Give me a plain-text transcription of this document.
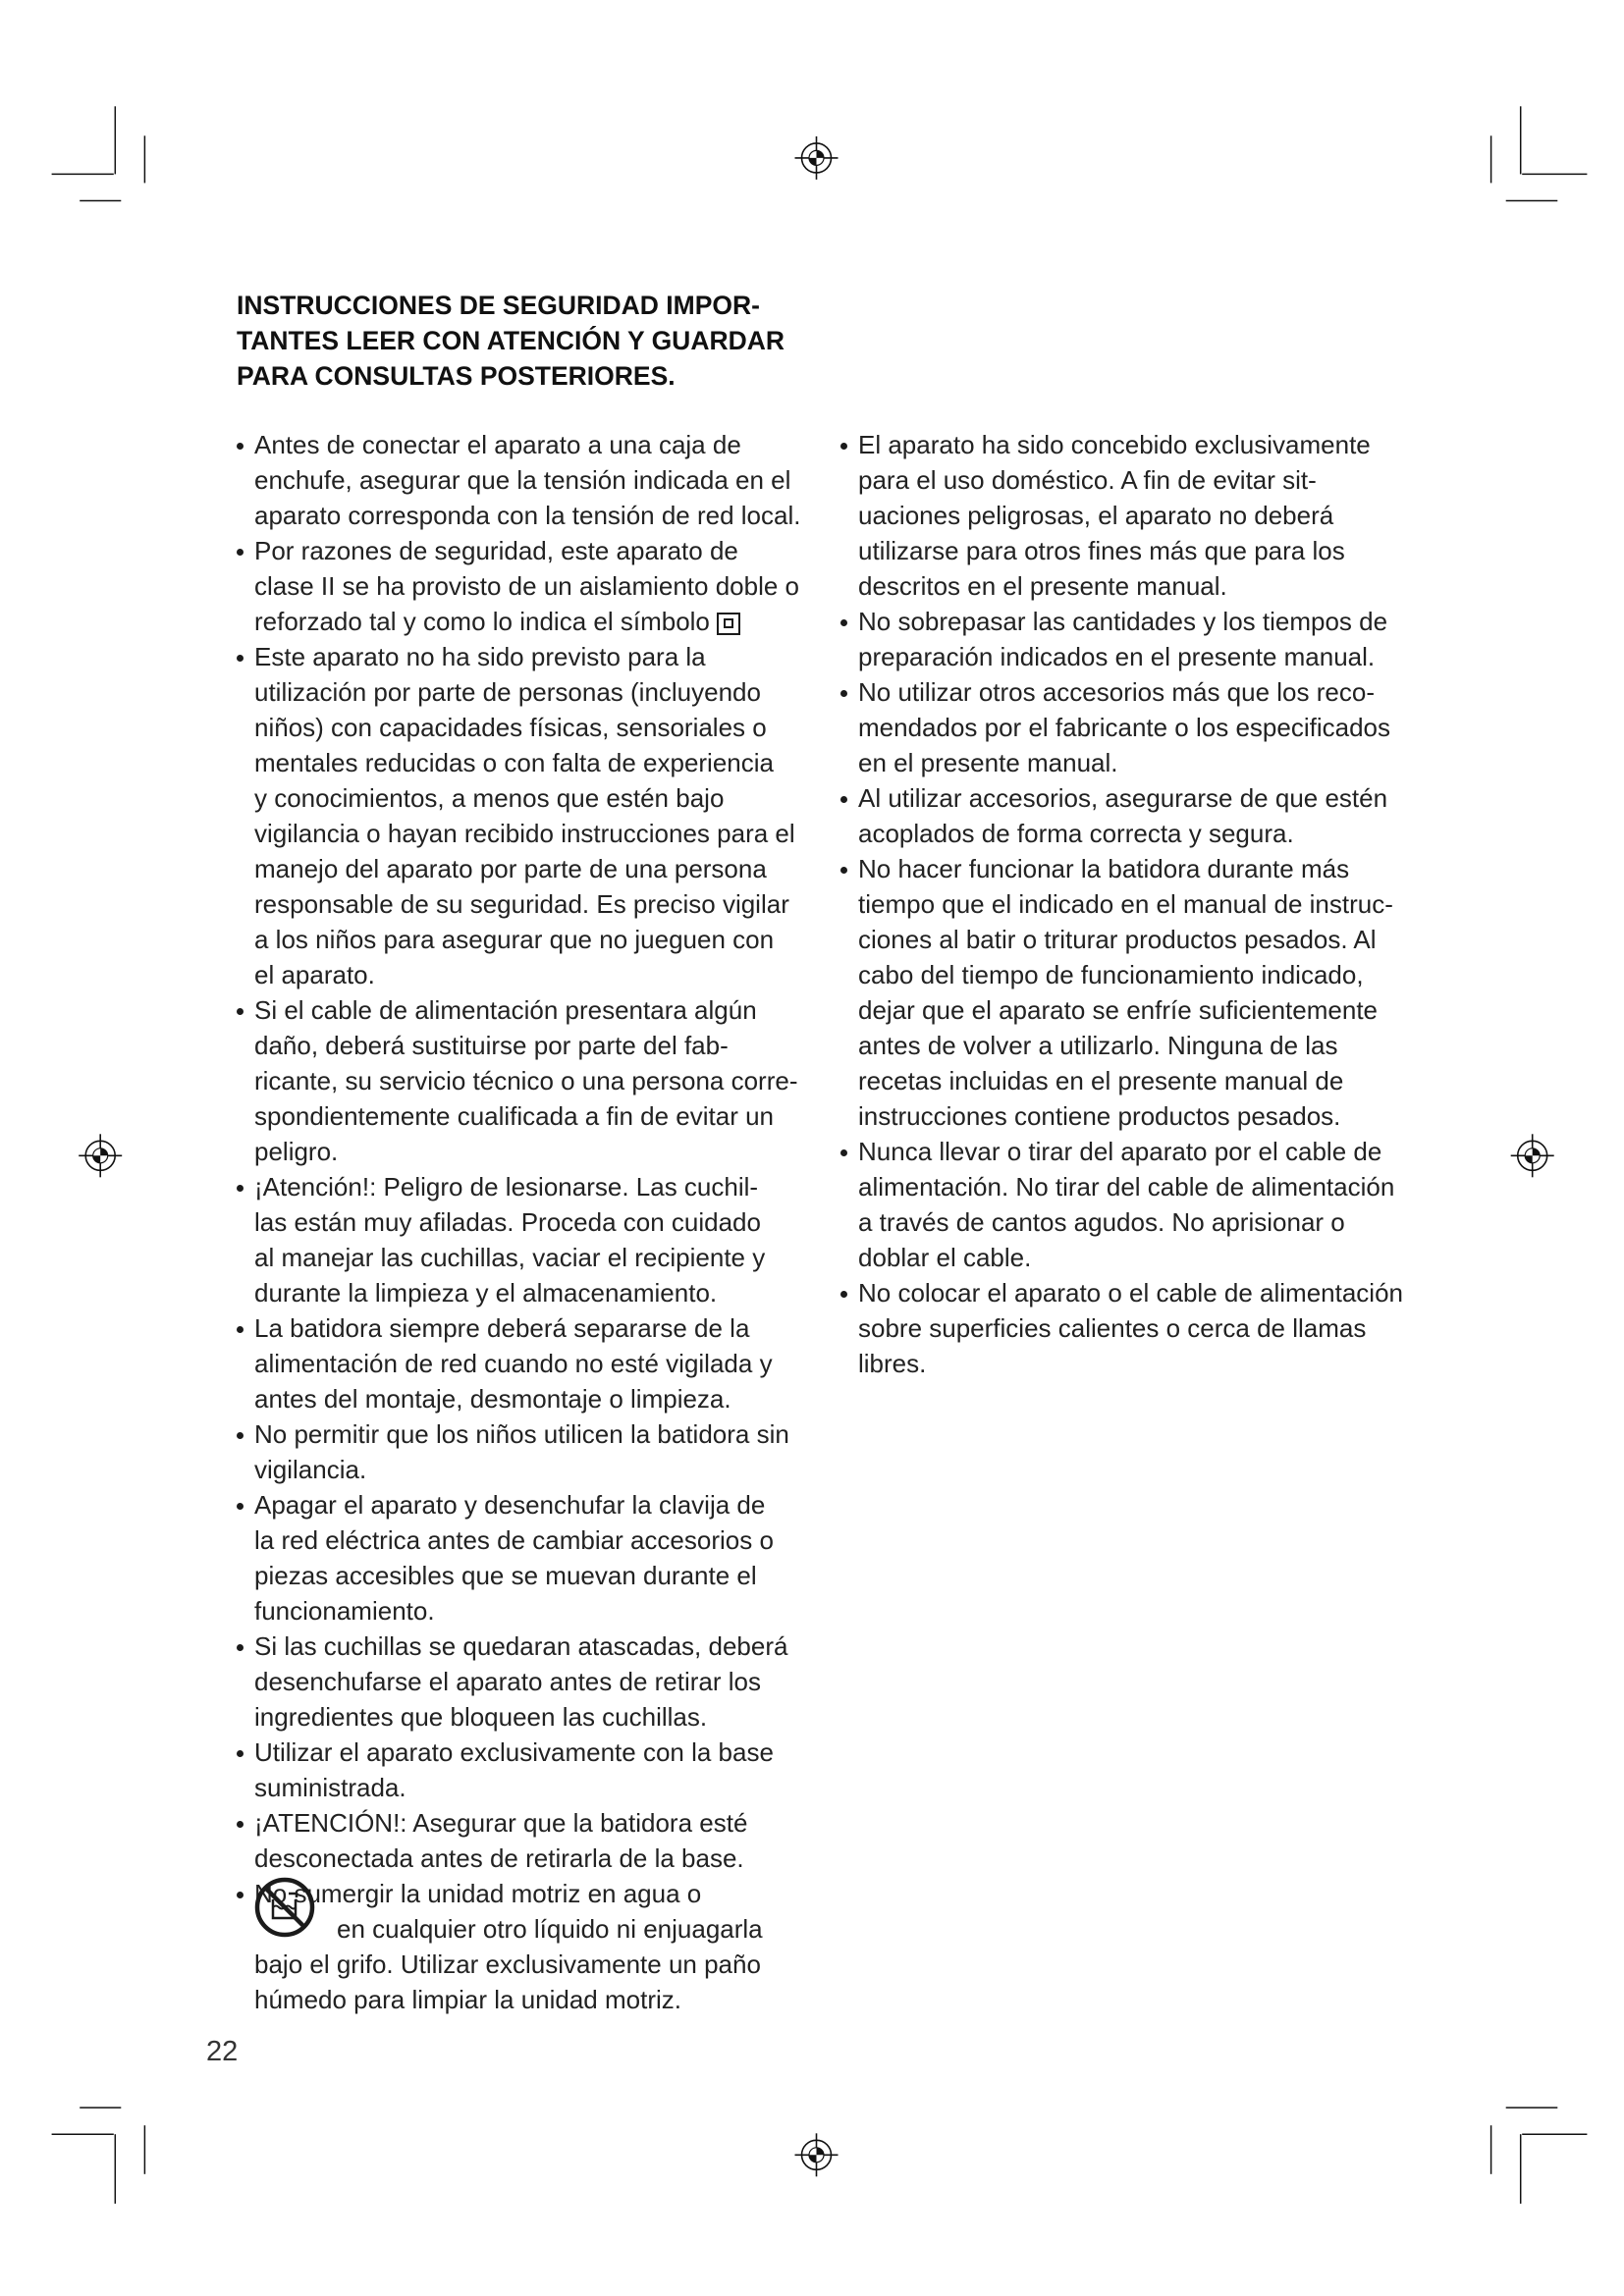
INSTRUCCIONES DE SEGURIDAD IMPOR-
TANTES LEER CON ATENCIÓN Y GUARDAR
PARA CONSULTAS POSTERIORES.
Antes de conectar el aparato a una caja de
enchufe, asegurar que la tensión indicada en el
aparato corresponda con la tensión de red local.
Por razones de seguridad, este aparato de
clase II se ha provisto de un aislamiento doble o
reforzado tal y como lo indica el símbolo
Este aparato no ha sido previsto para la
utilización por parte de personas (incluyendo
niños) con capacidades físicas, sensoriales o
mentales reducidas o con falta de experiencia
y conocimientos, a menos que estén bajo
vigilancia o hayan recibido instrucciones para el
manejo del aparato por parte de una persona
responsable de su seguridad. Es preciso vigilar
a los niños para asegurar que no jueguen con
el aparato.
Si el cable de alimentación presentara algún
daño, deberá sustituirse por parte del fab-
ricante, su servicio técnico o una persona corre-
spondientemente cualificada a fin de evitar un
peligro.
¡Atención!: Peligro de lesionarse. Las cuchil-
las están muy afiladas. Proceda con cuidado
al manejar las cuchillas, vaciar el recipiente y
durante la limpieza y el almacenamiento.
La batidora siempre deberá separarse de la
alimentación de red cuando no esté vigilada y
antes del montaje, desmontaje o limpieza.
No permitir que los niños utilicen la batidora sin
vigilancia.
Apagar el aparato y desenchufar la clavija de
la red eléctrica antes de cambiar accesorios o
piezas accesibles que se muevan durante el
funcionamiento.
Si las cuchillas se quedaran atascadas, deberá
desenchufarse el aparato antes de retirar los
ingredientes que bloqueen las cuchillas.
Utilizar el aparato exclusivamente con la base
suministrada.
¡ATENCIÓN!: Asegurar que la batidora esté
desconectada antes de retirarla de la base.
No sumergir la unidad motriz en agua o
en cualquier otro líquido ni enjuagarla
bajo el grifo. Utilizar exclusivamente un paño
húmedo para limpiar la unidad motriz.
El aparato ha sido concebido exclusivamente
para el uso doméstico. A fin de evitar sit-
uaciones peligrosas, el aparato no deberá
utilizarse para otros fines más que para los
descritos en el presente manual.
No sobrepasar las cantidades y los tiempos de
preparación indicados en el presente manual.
No utilizar otros accesorios más que los reco-
mendados por el fabricante o los especificados
en el presente manual.
Al utilizar accesorios, asegurarse de que estén
acoplados de forma correcta y segura.
No hacer funcionar la batidora durante más
tiempo que el indicado en el manual de instruc-
ciones al batir o triturar productos pesados. Al
cabo del tiempo de funcionamiento indicado,
dejar que el aparato se enfríe suficientemente
antes de volver a utilizarlo. Ninguna de las
recetas incluidas en el presente manual de
instrucciones contiene productos pesados.
Nunca llevar o tirar del aparato por el cable de
alimentación. No tirar del cable de alimentación
a través de cantos agudos. No aprisionar o
doblar el cable.
No colocar el aparato o el cable de alimentación
sobre superficies calientes o cerca de llamas
libres.
22
